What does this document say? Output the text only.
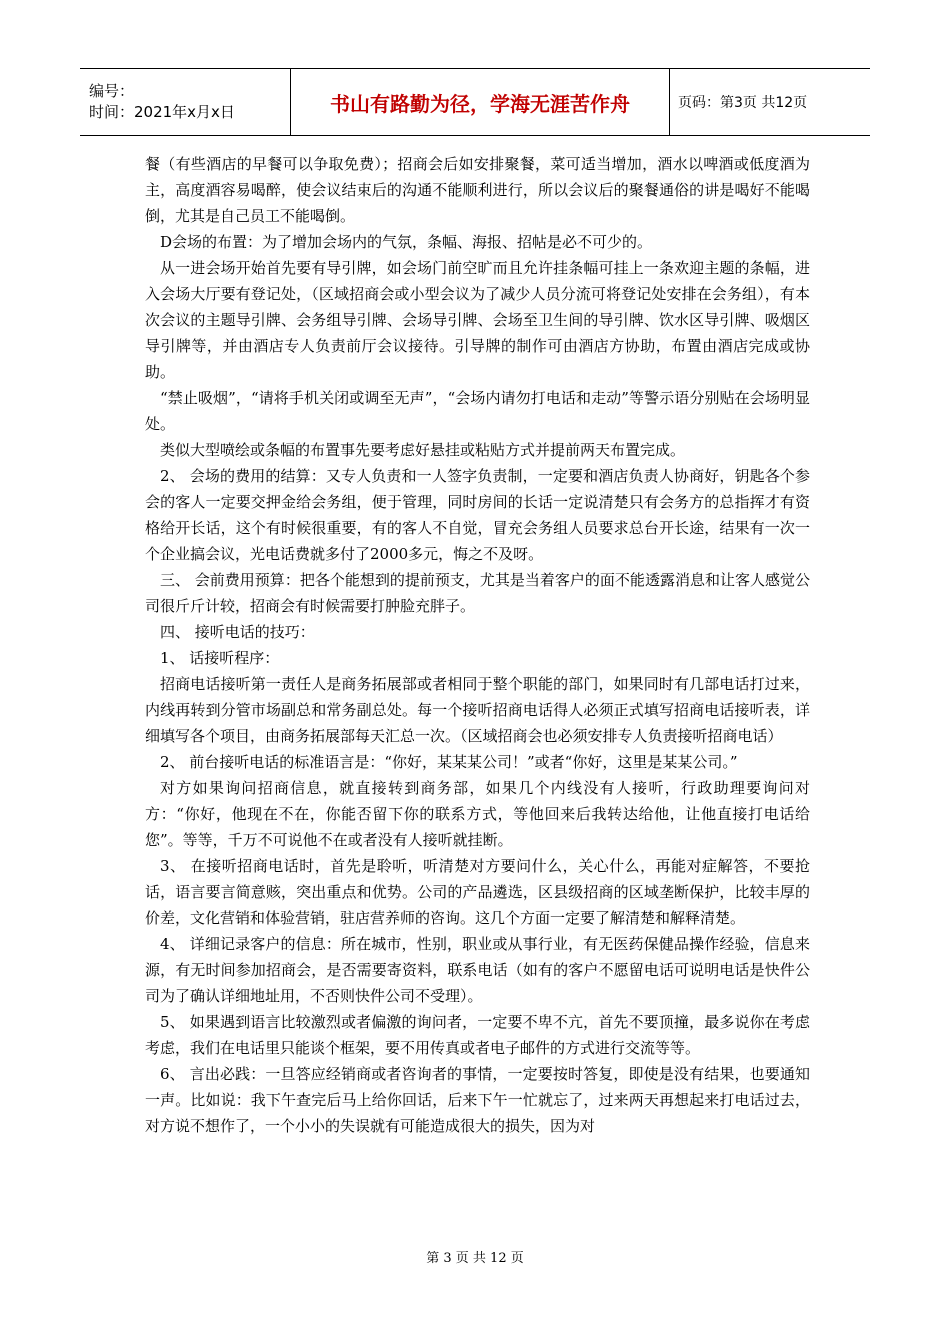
编号：
时间：2021年x月x日	书山有路勤为径，学海无涯苦作舟	页码：第3页 共12页

餐（有些酒店的早餐可以争取免费）；招商会后如安排聚餐，菜可适当增加，酒水以啤酒或低度酒为主，高度酒容易喝醉，使会议结束后的沟通不能顺利进行，所以会议后的聚餐通俗的讲是喝好不能喝倒，尤其是自己员工不能喝倒。

D会场的布置：为了增加会场内的气氛，条幅、海报、招帖是必不可少的。

从一进会场开始首先要有导引牌，如会场门前空旷而且允许挂条幅可挂上一条欢迎主题的条幅，进入会场大厅要有登记处，（区域招商会或小型会议为了减少人员分流可将登记处安排在会务组），有本次会议的主题导引牌、会务组导引牌、会场导引牌、会场至卫生间的导引牌、饮水区导引牌、吸烟区导引牌等，并由酒店专人负责前厅会议接待。引导牌的制作可由酒店方协助，布置由酒店完成或协助。

“禁止吸烟”，“请将手机关闭或调至无声”，“会场内请勿打电话和走动”等警示语分别贴在会场明显处。

类似大型喷绘或条幅的布置事先要考虑好悬挂或粘贴方式并提前两天布置完成。

2、 会场的费用的结算：又专人负责和一人签字负责制，一定要和酒店负责人协商好，钥匙各个参会的客人一定要交押金给会务组，便于管理，同时房间的长话一定说清楚只有会务方的总指挥才有资格给开长话，这个有时候很重要，有的客人不自觉，冒充会务组人员要求总台开长途，结果有一次一个企业搞会议，光电话费就多付了2000多元，悔之不及呀。

三、 会前费用预算：把各个能想到的提前预支，尤其是当着客户的面不能透露消息和让客人感觉公司很斤斤计较，招商会有时候需要打肿脸充胖子。

四、 接听电话的技巧：

1、 话接听程序：

招商电话接听第一责任人是商务拓展部或者相同于整个职能的部门，如果同时有几部电话打过来，内线再转到分管市场副总和常务副总处。每一个接听招商电话得人必须正式填写招商电话接听表，详细填写各个项目，由商务拓展部每天汇总一次。（区域招商会也必须安排专人负责接听招商电话）

2、 前台接听电话的标准语言是：“你好，某某某公司！”或者“你好，这里是某某公司。”

对方如果询问招商信息，就直接转到商务部，如果几个内线没有人接听，行政助理要询问对方：“你好，他现在不在，你能否留下你的联系方式，等他回来后我转达给他，让他直接打电话给您”。等等，千万不可说他不在或者没有人接听就挂断。

3、 在接听招商电话时，首先是聆听，听清楚对方要问什么，关心什么，再能对症解答，不要抢话，语言要言简意赅，突出重点和优势。公司的产品遴选，区县级招商的区域垄断保护，比较丰厚的价差，文化营销和体验营销，驻店营养师的咨询。这几个方面一定要了解清楚和解释清楚。

4、 详细记录客户的信息：所在城市，性别，职业或从事行业，有无医药保健品操作经验，信息来源，有无时间参加招商会，是否需要寄资料，联系电话（如有的客户不愿留电话可说明电话是快件公司为了确认详细地址用，不否则快件公司不受理）。

5、 如果遇到语言比较激烈或者偏激的询问者，一定要不卑不亢，首先不要顶撞，最多说你在考虑考虑，我们在电话里只能谈个框架，要不用传真或者电子邮件的方式进行交流等等。

6、 言出必践：一旦答应经销商或者咨询者的事情，一定要按时答复，即使是没有结果，也要通知一声。比如说：我下午查完后马上给你回话，后来下午一忙就忘了，过来两天再想起来打电话过去，对方说不想作了，一个小小的失误就有可能造成很大的损失，因为对

第 3 页 共 12 页
